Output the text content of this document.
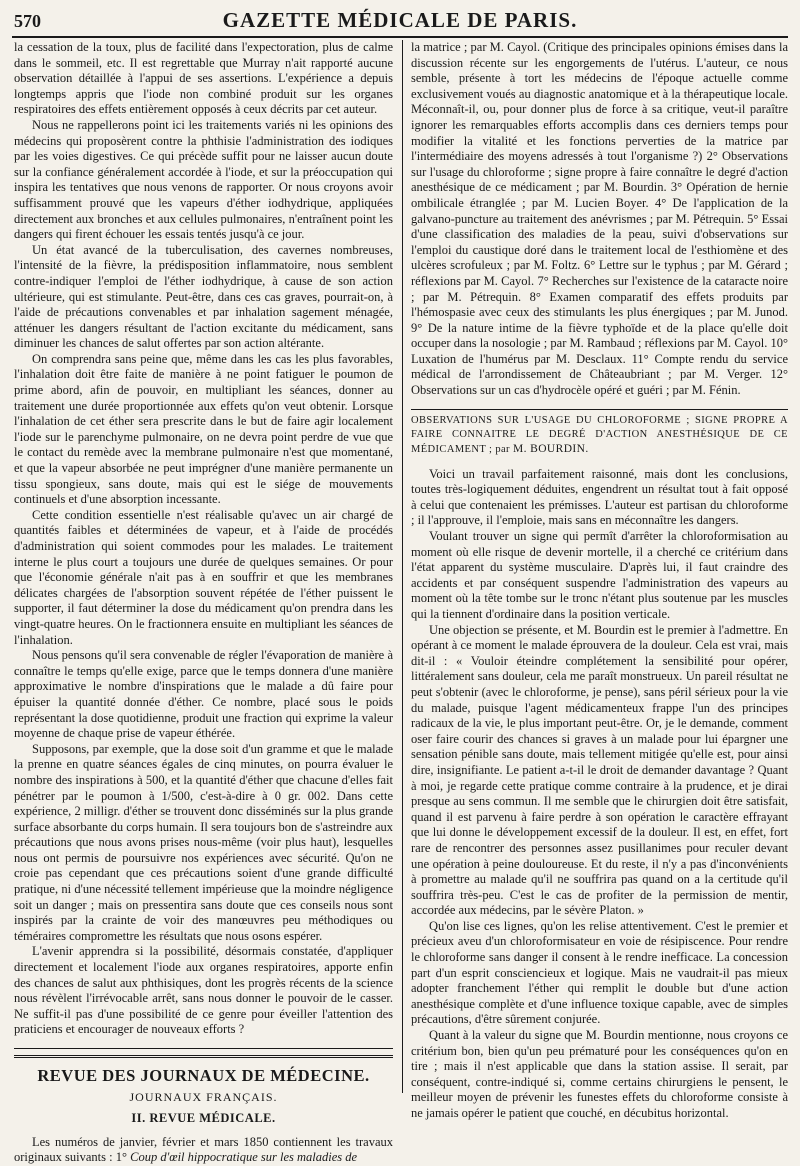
570	GAZETTE MÉDICALE DE PARIS.

la cessation de la toux, plus de facilité dans l'expectoration, plus de calme dans le sommeil, etc. Il est regrettable que Murray n'ait rapporté aucune observation détaillée à l'appui de ses assertions. L'expérience a depuis longtemps appris que l'iode non combiné produit sur les organes respiratoires des effets entièrement opposés à ceux décrits par cet auteur.

Nous ne rappellerons point ici les traitements variés ni les opinions des médecins qui proposèrent contre la phthisie l'administration des iodiques par les voies digestives. Ce qui précède suffit pour ne laisser aucun doute sur la confiance généralement accordée à l'iode, et sur la préoccupation qui inspira les tentatives que nous venons de rapporter. Or nous croyons avoir suffisamment prouvé que les vapeurs d'éther iodhydrique, appliquées directement aux bronches et aux cellules pulmonaires, n'entraînent point les dangers qui firent échouer les essais tentés jusqu'à ce jour.

Un état avancé de la tuberculisation, des cavernes nombreuses, l'intensité de la fièvre, la prédisposition inflammatoire, nous semblent contre-indiquer l'emploi de l'éther iodhydrique, à cause de son action ultérieure, qui est stimulante. Peut-être, dans ces cas graves, pourrait-on, à l'aide de précautions convenables et par inhalation sagement ménagée, atténuer les dangers résultant de l'action excitante du médicament, sans diminuer les chances de salut offertes par son action altérante.

On comprendra sans peine que, même dans les cas les plus favorables, l'inhalation doit être faite de manière à ne point fatiguer le poumon de prime abord, afin de pouvoir, en multipliant les séances, donner au traitement une durée proportionnée aux effets qu'on veut obtenir. Lorsque l'inhalation de cet éther sera prescrite dans le but de faire agir localement l'iode sur le parenchyme pulmonaire, on ne devra point perdre de vue que le contact du remède avec la membrane pulmonaire n'est que momentané, et que la vapeur absorbée ne peut imprégner d'une manière permanente un tissu spongieux, sans doute, mais qui est le siége de mouvements continuels et d'une absorption incessante.

Cette condition essentielle n'est réalisable qu'avec un air chargé de quantités faibles et déterminées de vapeur, et à l'aide de procédés d'administration qui soient commodes pour les malades. Le traitement interne le plus court a toujours une durée de quelques semaines. Or pour que l'économie générale n'ait pas à en souffrir et que les membranes délicates chargées de l'absorption souvent répétée de l'éther puissent le supporter, il faut déterminer la dose du médicament qu'on prendra dans les vingt-quatre heures. On le fractionnera ensuite en multipliant les séances de l'inhalation.

Nous pensons qu'il sera convenable de régler l'évaporation de manière à connaître le temps qu'elle exige, parce que le temps donnera d'une manière approximative le nombre d'inspirations que le malade a dû faire pour épuiser la quantité donnée d'éther. Ce nombre, placé sous le poids représentant la dose quotidienne, produit une fraction qui exprime la valeur moyenne de chaque prise de vapeur éthérée.

Supposons, par exemple, que la dose soit d'un gramme et que le malade la prenne en quatre séances égales de cinq minutes, on pourra évaluer le nombre des inspirations à 500, et la quantité d'éther que chacune d'elles fait pénétrer par le poumon à 1/500, c'est-à-dire à 0 gr. 002. Dans cette expérience, 2 milligr. d'éther se trouvent donc disséminés sur la plus grande surface absorbante du corps humain. Il sera toujours bon de s'astreindre aux précautions que nous avons prises nous-même (voir plus haut), lesquelles nous ont permis de poursuivre nos expériences avec sécurité. Qu'on ne croie pas cependant que ces précautions soient d'une grande difficulté pratique, ni d'une nécessité tellement impérieuse que la moindre négligence soit un danger ; mais on pressentira sans doute que ces conseils nous sont inspirés par la crainte de voir des manœuvres peu méthodiques ou téméraires compromettre les résultats que nous osons espérer.

L'avenir apprendra si la possibilité, désormais constatée, d'appliquer directement et localement l'iode aux organes respiratoires, apporte enfin des chances de salut aux phthisiques, dont les progrès récents de la science nous révèlent l'irrévocable arrêt, sans nous donner le pouvoir de le casser. Ne suffit-il pas d'une possibilité de ce genre pour éveiller l'attention des praticiens et encourager de nouveaux efforts ?

REVUE DES JOURNAUX DE MÉDECINE.
JOURNAUX FRANÇAIS.
II. REVUE MÉDICALE.

Les numéros de janvier, février et mars 1850 contiennent les travaux originaux suivants : 1° Coup d'œil hippocratique sur les maladies de

la matrice ; par M. Cayol. (Critique des principales opinions émises dans la discussion récente sur les engorgements de l'utérus. L'auteur, ce nous semble, présente à tort les médecins de l'époque actuelle comme exclusivement voués au diagnostic anatomique et à la thérapeutique locale. Méconnaît-il, ou, pour donner plus de force à sa critique, veut-il paraître ignorer les remarquables efforts accomplis dans ces derniers temps pour modifier la vitalité et les fonctions perverties de la matrice par l'intermédiaire des moyens adressés à tout l'organisme ?) 2° Observations sur l'usage du chloroforme ; signe propre à faire connaître le degré d'action anesthésique de ce médicament ; par M. Bourdin. 3° Opération de hernie ombilicale étranglée ; par M. Lucien Boyer. 4° De l'application de la galvano-puncture au traitement des anévrismes ; par M. Pétrequin. 5° Essai d'une classification des maladies de la peau, suivi d'observations sur l'emploi du caustique doré dans le traitement local de l'esthiomène et des ulcères scrofuleux ; par M. Foltz. 6° Lettre sur le typhus ; par M. Gérard ; réflexions par M. Cayol. 7° Recherches sur l'existence de la cataracte noire ; par M. Pétrequin. 8° Examen comparatif des effets produits par l'hémospasie avec ceux des stimulants les plus énergiques ; par M. Junod. 9° De la nature intime de la fièvre typhoïde et de la place qu'elle doit occuper dans la nosologie ; par M. Rambaud ; réflexions par M. Cayol. 10° Luxation de l'humérus par M. Desclaux. 11° Compte rendu du service médical de l'arrondissement de Châteaubriant ; par M. Verger. 12° Observations sur un cas d'hydrocèle opéré et guéri ; par M. Fénin.

OBSERVATIONS SUR L'USAGE DU CHLOROFORME ; SIGNE PROPRE A FAIRE CONNAITRE LE DEGRÉ D'ACTION ANESTHÉSIQUE DE CE MÉDICAMENT ; par M. BOURDIN.

Voici un travail parfaitement raisonné, mais dont les conclusions, toutes très-logiquement déduites, engendrent un résultat tout à fait opposé à celui que contenaient les prémisses. L'auteur est partisan du chloroforme ; il l'approuve, il l'emploie, mais sans en méconnaître les dangers.

Voulant trouver un signe qui permît d'arrêter la chloroformisation au moment où elle risque de devenir mortelle, il a cherché ce critérium dans l'état apparent du système musculaire. D'après lui, il faut craindre des accidents et par conséquent suspendre l'administration des vapeurs au moment où la tête tombe sur le tronc n'étant plus soutenue par les muscles qui la tiennent d'ordinaire dans la position verticale.

Une objection se présente, et M. Bourdin est le premier à l'admettre. En opérant à ce moment le malade éprouvera de la douleur. Cela est vrai, mais dit-il : « Vouloir éteindre complétement la sensibilité pour opérer, littéralement sans douleur, cela me paraît monstrueux. Un pareil résultat ne peut s'obtenir (avec le chloroforme, je pense), sans péril sérieux pour la vie du malade, puisque l'agent médicamenteux frappe l'un des principes radicaux de la vie, le plus important peut-être. Or, je le demande, comment oser faire courir des chances si graves à un malade pour lui épargner une sensation pénible sans doute, mais tellement mitigée qu'elle est, pour ainsi dire, insignifiante. Le patient a-t-il le droit de demander davantage ? Quant à moi, je regarde cette pratique comme contraire à la prudence, et je dirai presque au sens commun. Il me semble que le chirurgien doit être satisfait, quand il est parvenu à faire perdre à son opération le caractère effrayant que lui donne le développement excessif de la douleur. Il est, en effet, fort rare de rencontrer des personnes assez pusillanimes pour reculer devant une opération à peine douloureuse. Et du reste, il n'y a pas d'inconvénients à promettre au malade qu'il ne souffrira pas quand on a la certitude qu'il souffrira très-peu. C'est le cas de profiter de la permission de mentir, accordée aux médecins, par le sévère Platon. »

Qu'on lise ces lignes, qu'on les relise attentivement. C'est le premier et précieux aveu d'un chloroformisateur en voie de résipiscence. Pour rendre le chloroforme sans danger il consent à le rendre inefficace. La concession part d'un esprit consciencieux et logique. Mais ne vaudrait-il pas mieux adopter franchement l'éther qui remplit le double but d'une action anesthésique complète et d'une influence toxique capable, avec de simples précautions, d'être sûrement conjurée.

Quant à la valeur du signe que M. Bourdin mentionne, nous croyons ce critérium bon, bien qu'un peu prématuré pour les conséquences qu'on en tire ; mais il n'est applicable que dans la station assise. Il serait, par conséquent, contre-indiqué si, comme certains chirurgiens le pensent, le meilleur moyen de prévenir les funestes effets du chloroforme consiste à ne jamais opérer le patient que couché, en décubitus horizontal.
